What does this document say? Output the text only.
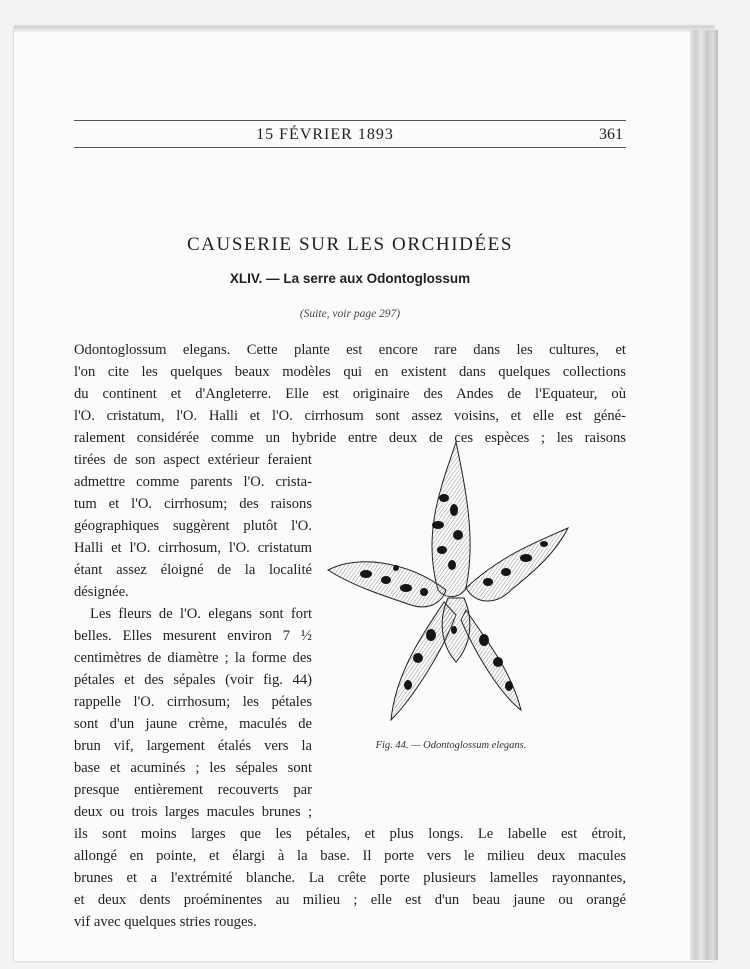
15 FÉVRIER 1893	361
CAUSERIE SUR LES ORCHIDÉES
XLIV. — La serre aux Odontoglossum
(Suite, voir page 297)
Odontoglossum elegans. Cette plante est encore rare dans les cultures, et
l'on cite les quelques beaux modèles qui en existent dans quelques collections
du continent et d'Angleterre. Elle est originaire des Andes de l'Equateur, où
l'O. cristatum, l'O. Halli et l'O. cirrhosum sont assez voisins, et elle est géné-
ralement considérée comme un hybride entre deux de ces espèces ; les raisons
tirées de son aspect extérieur feraient
admettre comme parents l'O. crista-
tum et l'O. cirrhosum; des raisons
géographiques suggèrent plutôt l'O.
Halli et l'O. cirrhosum, l'O. cristatum
étant assez éloigné de la localité
désignée.
Les fleurs de l'O. elegans sont fort
belles. Elles mesurent environ 7 ½
centimètres de diamètre ; la forme des
pétales et des sépales (voir fig. 44)
rappelle l'O. cirrhosum; les pétales
sont d'un jaune crème, maculés de
brun vif, largement étalés vers la
base et acuminés ; les sépales sont
presque entièrement recouverts par
deux ou trois larges macules brunes ;
ils sont moins larges que les pétales, et plus longs. Le labelle est étroit,
allongé en pointe, et élargi à la base. Il porte vers le milieu deux macules
brunes et a l'extrémité blanche. La crête porte plusieurs lamelles rayonnantes,
et deux dents proéminentes au milieu ; elle est d'un beau jaune ou orangé
vif avec quelques stries rouges.
Fig. 44. — Odontoglossum elegans.
